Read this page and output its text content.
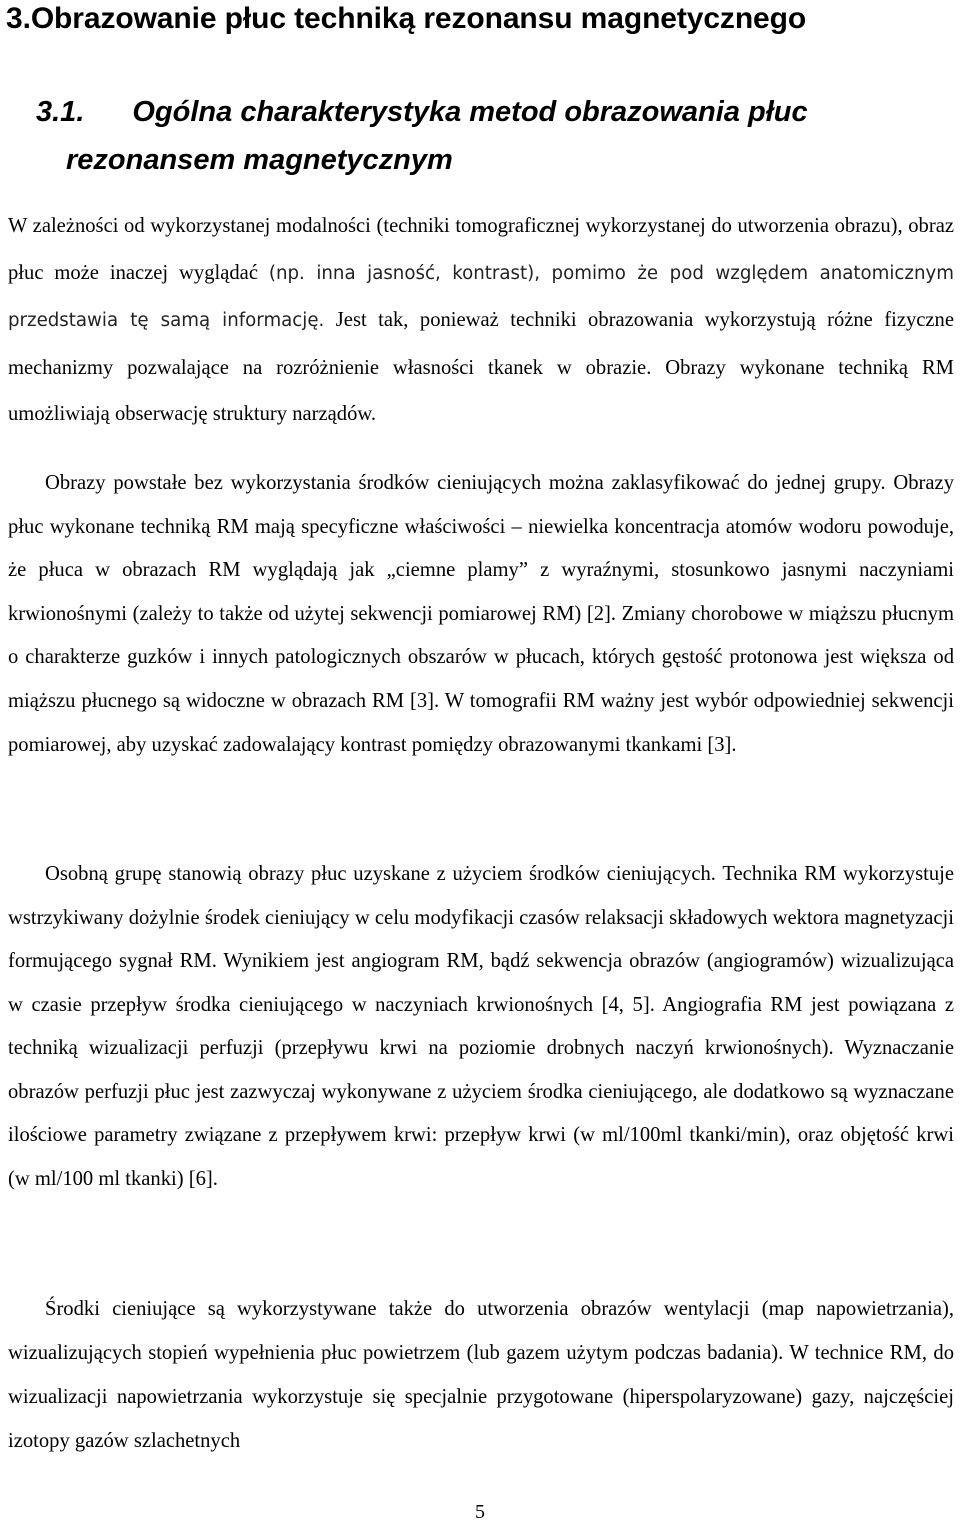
3.Obrazowanie płuc techniką rezonansu magnetycznego
3.1. Ogólna charakterystyka metod obrazowania płuc
rezonansem magnetycznym

W zależności od wykorzystanej modalności (techniki tomograficznej wykorzystanej do utworzenia obrazu), obraz płuc może inaczej wyglądać (np. inna jasność, kontrast), pomimo że pod względem anatomicznym przedstawia tę samą informację. Jest tak, ponieważ techniki obrazowania wykorzystują różne fizyczne mechanizmy pozwalające na rozróżnienie własności tkanek w obrazie. Obrazy wykonane techniką RM umożliwiają obserwację struktury narządów.

Obrazy powstałe bez wykorzystania środków cieniujących można zaklasyfikować do jednej grupy. Obrazy płuc wykonane techniką RM mają specyficzne właściwości – niewielka koncentracja atomów wodoru powoduje, że płuca w obrazach RM wyglądają jak „ciemne plamy” z wyraźnymi, stosunkowo jasnymi naczyniami krwionośnymi (zależy to także od użytej sekwencji pomiarowej RM) [2]. Zmiany chorobowe w miąższu płucnym o charakterze guzków i innych patologicznych obszarów w płucach, których gęstość protonowa jest większa od miąższu płucnego są widoczne w obrazach RM [3]. W tomografii RM ważny jest wybór odpowiedniej sekwencji pomiarowej, aby uzyskać zadowalający kontrast pomiędzy obrazowanymi tkankami [3].

Osobną grupę stanowią obrazy płuc uzyskane z użyciem środków cieniujących. Technika RM wykorzystuje wstrzykiwany dożylnie środek cieniujący w celu modyfikacji czasów relaksacji składowych wektora magnetyzacji formującego sygnał RM. Wynikiem jest angiogram RM, bądź sekwencja obrazów (angiogramów) wizualizująca w czasie przepływ środka cieniującego w naczyniach krwionośnych [4, 5]. Angiografia RM jest powiązana z techniką wizualizacji perfuzji (przepływu krwi na poziomie drobnych naczyń krwionośnych). Wyznaczanie obrazów perfuzji płuc jest zazwyczaj wykonywane z użyciem środka cieniującego, ale dodatkowo są wyznaczane ilościowe parametry związane z przepływem krwi: przepływ krwi (w ml/100ml tkanki/min), oraz objętość krwi (w ml/100 ml tkanki) [6].

Środki cieniujące są wykorzystywane także do utworzenia obrazów wentylacji (map napowietrzania), wizualizujących stopień wypełnienia płuc powietrzem (lub gazem użytym podczas badania). W technice RM, do wizualizacji napowietrzania wykorzystuje się specjalnie przygotowane (hiperspolaryzowane) gazy, najczęściej izotopy gazów szlachetnych

5
